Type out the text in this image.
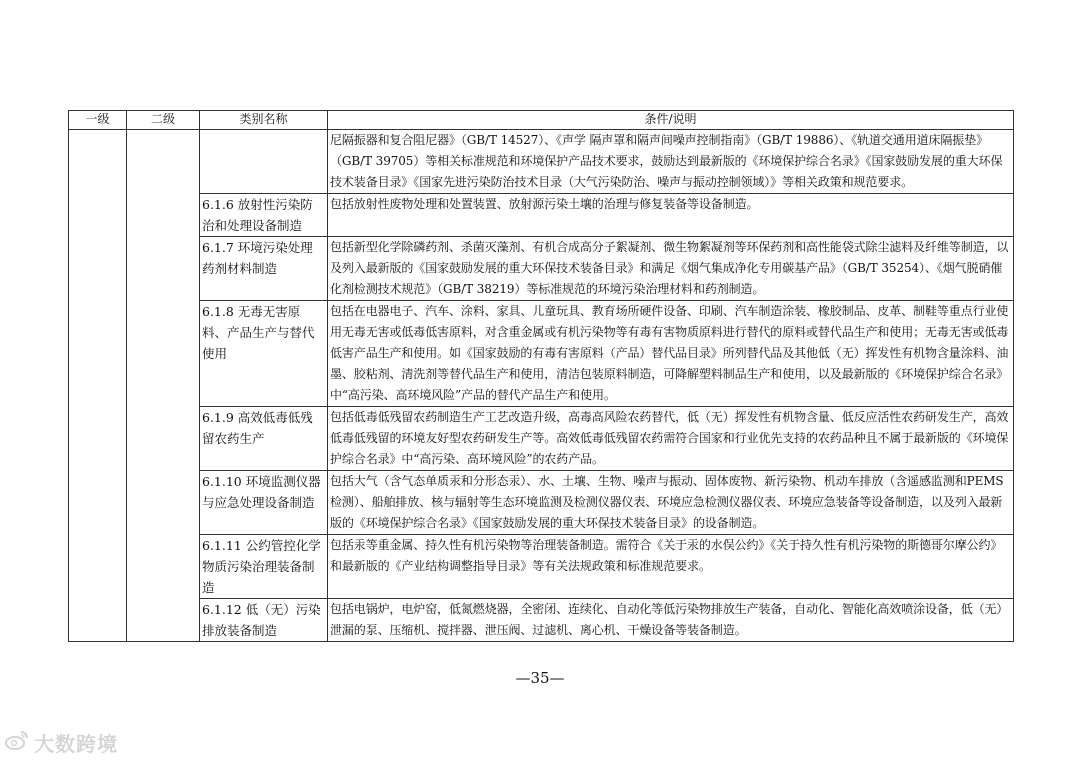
一级	二级	类别名称	条件/说明
			尼隔振器和复合阻尼器》（GB/T 14527）、《声学 隔声罩和隔声间噪声控制指南》（GB/T 19886）、《轨道交通用道床隔振垫》（GB/T 39705）等相关标准规范和环境保护产品技术要求，鼓励达到最新版的《环境保护综合名录》《国家鼓励发展的重大环保技术装备目录》《国家先进污染防治技术目录（大气污染防治、噪声与振动控制领域）》等相关政策和规范要求。
		6.1.6 放射性污染防治和处理设备制造	包括放射性废物处理和处置装置、放射源污染土壤的治理与修复装备等设备制造。
		6.1.7 环境污染处理药剂材料制造	包括新型化学除磷药剂、杀菌灭藻剂、有机合成高分子絮凝剂、微生物絮凝剂等环保药剂和高性能袋式除尘滤料及纤维等制造，以及列入最新版的《国家鼓励发展的重大环保技术装备目录》和满足《烟气集成净化专用碳基产品》（GB/T 35254）、《烟气脱硝催化剂检测技术规范》（GB/T 38219）等标准规范的环境污染治理材料和药剂制造。
		6.1.8 无毒无害原料、产品生产与替代使用	包括在电器电子、汽车、涂料、家具、儿童玩具、教育场所硬件设备、印刷、汽车制造涂装、橡胶制品、皮革、制鞋等重点行业使用无毒无害或低毒低害原料，对含重金属或有机污染物等有毒有害物质原料进行替代的原料或替代品生产和使用；无毒无害或低毒低害产品生产和使用。如《国家鼓励的有毒有害原料（产品）替代品目录》所列替代品及其他低（无）挥发性有机物含量涂料、油墨、胶粘剂、清洗剂等替代品生产和使用，清洁包装原料制造，可降解塑料制品生产和使用，以及最新版的《环境保护综合名录》中“高污染、高环境风险”产品的替代产品生产和使用。
		6.1.9 高效低毒低残留农药生产	包括低毒低残留农药制造生产工艺改造升级，高毒高风险农药替代，低（无）挥发性有机物含量、低反应活性农药研发生产，高效低毒低残留的环境友好型农药研发生产等。高效低毒低残留农药需符合国家和行业优先支持的农药品种且不属于最新版的《环境保护综合名录》中“高污染、高环境风险”的农药产品。
		6.1.10 环境监测仪器与应急处理设备制造	包括大气（含气态单质汞和分形态汞）、水、土壤、生物、噪声与振动、固体废物、新污染物、机动车排放（含遥感监测和PEMS 检测）、船舶排放、核与辐射等生态环境监测及检测仪器仪表、环境应急检测仪器仪表、环境应急装备等设备制造，以及列入最新版的《环境保护综合名录》《国家鼓励发展的重大环保技术装备目录》的设备制造。
		6.1.11 公约管控化学物质污染治理装备制造	包括汞等重金属、持久性有机污染物等治理装备制造。需符合《关于汞的水俣公约》《关于持久性有机污染物的斯德哥尔摩公约》和最新版的《产业结构调整指导目录》等有关法规政策和标准规范要求。
		6.1.12 低（无）污染排放装备制造	包括电锅炉，电炉窑，低氮燃烧器，全密闭、连续化、自动化等低污染物排放生产装备，自动化、智能化高效喷涂设备，低（无）泄漏的泵、压缩机、搅拌器、泄压阀、过滤机、离心机、干燥设备等装备制造。
—35—
大数跨境
